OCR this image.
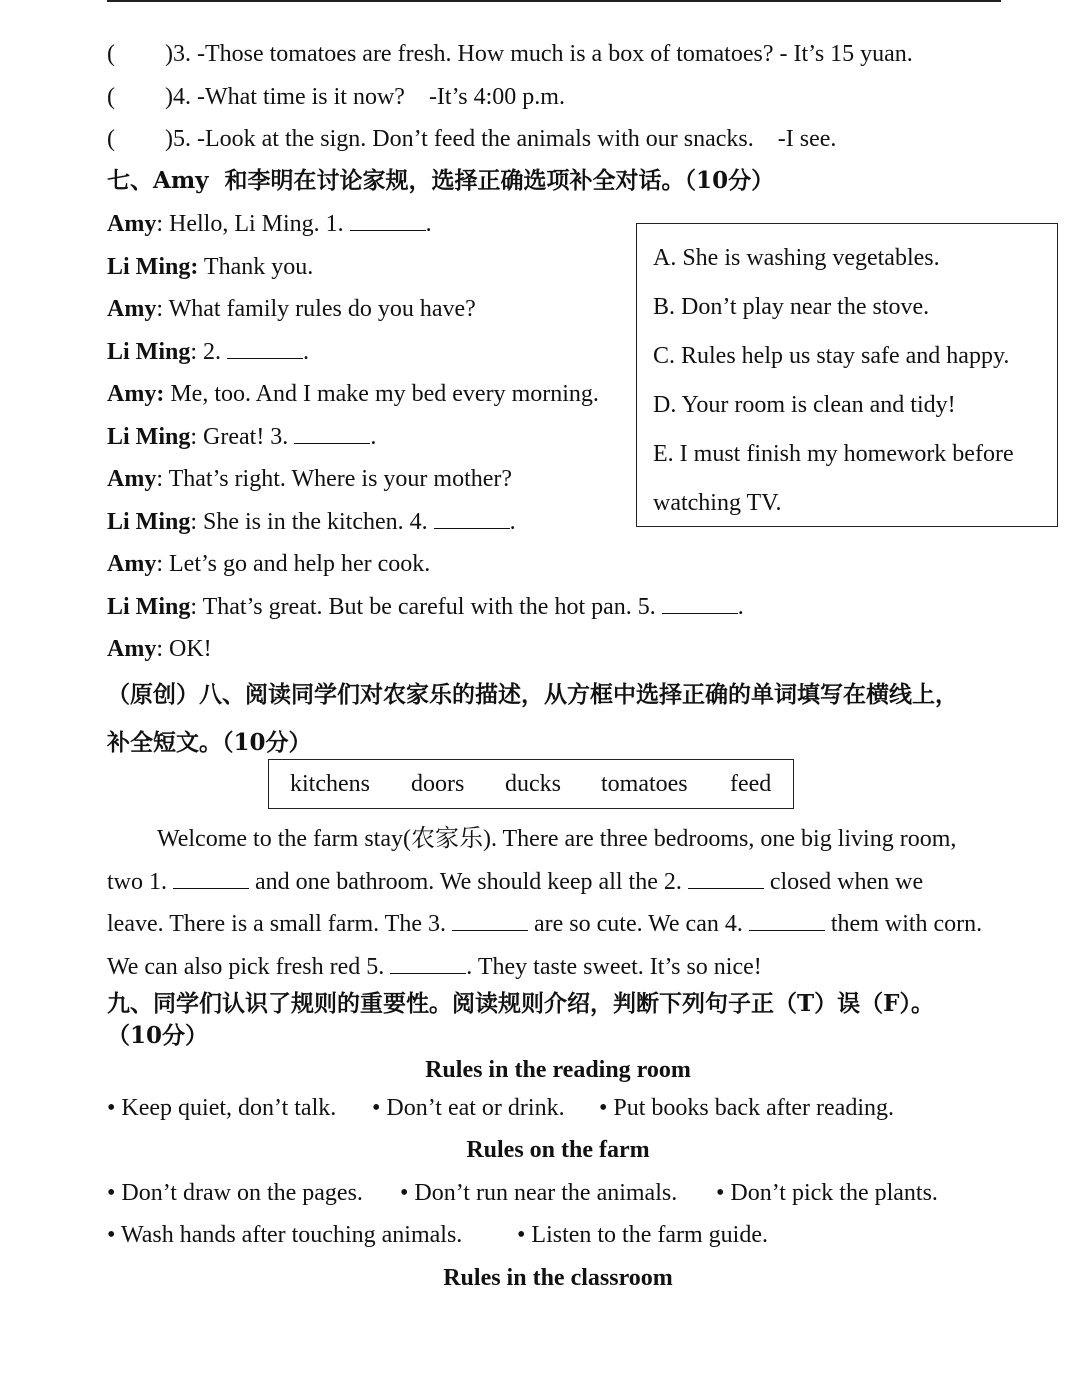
( )3. -Those tomatoes are fresh. How much is a box of tomatoes? - It’s 15 yuan.
( )4. -What time is it now?    -It’s 4:00 p.m.
( )5. -Look at the sign. Don’t feed the animals with our snacks.    -I see.
七、Amy  和李明在讨论家规，选择正确选项补全对话。（10分）
Amy: Hello, Li Ming. 1.	.
Li Ming: Thank you.
Amy: What family rules do you have?
Li Ming: 2.	.
Amy: Me, too. And I make my bed every morning.
Li Ming: Great! 3.	.
Amy: That’s right. Where is your mother?
Li Ming: She is in the kitchen. 4.	.
Amy: Let’s go and help her cook.
Li Ming: That’s great. But be careful with the hot pan. 5.	.
Amy: OK!
A. She is washing vegetables.
B. Don’t play near the stove.
C. Rules help us stay safe and happy.
D. Your room is clean and tidy!
E. I must finish my homework before
watching TV.
（原创）八、阅读同学们对农家乐的描述，从方框中选择正确的单词填写在横线上，
补全短文。（10分）
kitchens doors ducks tomatoes feed
Welcome to the farm stay(农家乐). There are three bedrooms, one big living room,
two 1.	and one bathroom. We should keep all the 2.	closed when we
leave. There is a small farm. The 3.	are so cute. We can 4.	them with corn.
We can also pick fresh red 5.	. They taste sweet. It’s so nice!
九、同学们认识了规则的重要性。阅读规则介绍，判断下列句子正（T）误（F）。
（10分）
Rules in the reading room
• Keep quiet, don’t talk. • Don’t eat or drink. • Put books back after reading.
Rules on the farm
• Don’t draw on the pages. • Don’t run near the animals. • Don’t pick the plants.
• Wash hands after touching animals. • Listen to the farm guide.
Rules in the classroom
